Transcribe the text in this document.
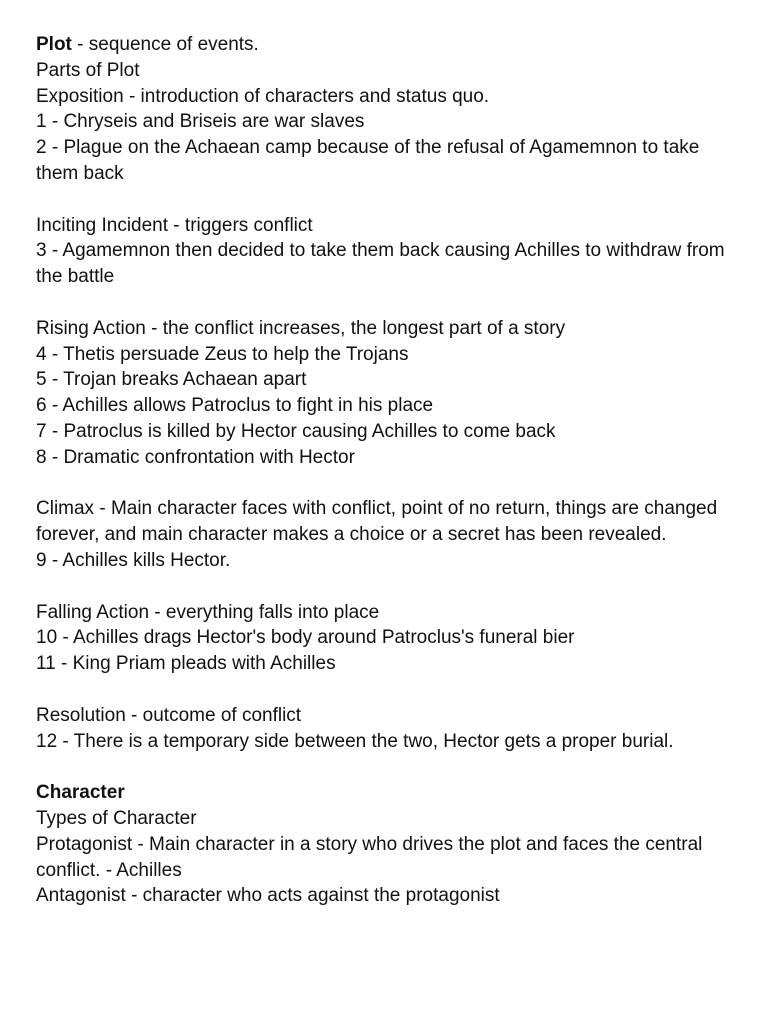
Plot - sequence of events.
Parts of Plot
Exposition - introduction of characters and status quo.
1 - Chryseis and Briseis are war slaves
2 - Plague on the Achaean camp because of the refusal of Agamemnon to take them back
Inciting Incident - triggers conflict
3 - Agamemnon then decided to take them back causing Achilles to withdraw from the battle
Rising Action - the conflict increases, the longest part of a story
4 - Thetis persuade Zeus to help the Trojans
5 - Trojan breaks Achaean apart
6 - Achilles allows Patroclus to fight in his place
7 - Patroclus is killed by Hector causing Achilles to come back
8 - Dramatic confrontation with Hector
Climax - Main character faces with conflict, point of no return, things are changed forever, and main character makes a choice or a secret has been revealed.
9 - Achilles kills Hector.
Falling Action - everything falls into place
10 - Achilles drags Hector's body around Patroclus's funeral bier
11 - King Priam pleads with Achilles
Resolution - outcome of conflict
12 - There is a temporary side between the two, Hector gets a proper burial.
Character
Types of Character
Protagonist - Main character in a story who drives the plot and faces the central conflict. - Achilles
Antagonist - character who acts against the protagonist
